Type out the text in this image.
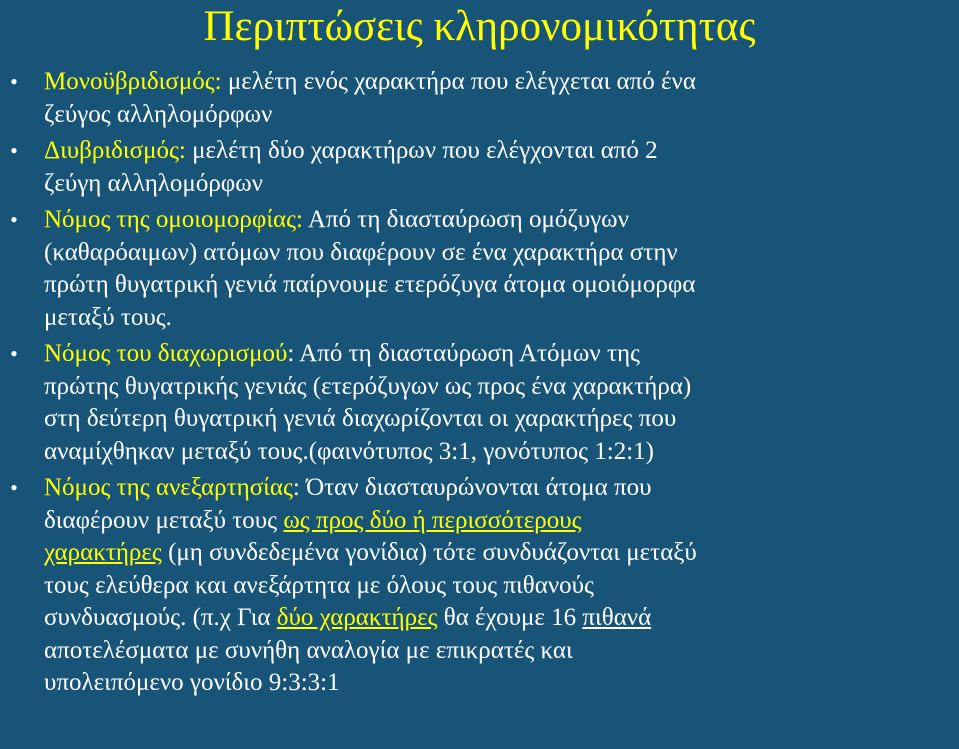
Περιπτώσεις κληρονομικότητας
• Μονοϋβριδισμός: μελέτη ενός χαρακτήρα που ελέγχεται από ένα
ζεύγος αλληλομόρφων
• Διυβριδισμός: μελέτη δύο χαρακτήρων που ελέγχονται από 2
ζεύγη αλληλομόρφων
• Νόμος της ομοιομορφίας: Από τη διασταύρωση ομόζυγων
(καθαρόαιμων) ατόμων που διαφέρουν σε ένα χαρακτήρα στην
πρώτη θυγατρική γενιά παίρνουμε ετερόζυγα άτομα ομοιόμορφα
μεταξύ τους.
• Νόμος του διαχωρισμού: Από τη διασταύρωση Ατόμων της
πρώτης θυγατρικής γενιάς (ετερόζυγων ως προς ένα χαρακτήρα)
στη δεύτερη θυγατρική γενιά διαχωρίζονται οι χαρακτήρες που
αναμίχθηκαν μεταξύ τους.(φαινότυπος 3:1, γονότυπος 1:2:1)
• Νόμος της ανεξαρτησίας: Όταν διασταυρώνονται άτομα που
διαφέρουν μεταξύ τους ως προς δύο ή περισσότερους
χαρακτήρες (μη συνδεδεμένα γονίδια) τότε συνδυάζονται μεταξύ
τους ελεύθερα και ανεξάρτητα με όλους τους πιθανούς
συνδυασμούς. (π.χ Για δύο χαρακτήρες θα έχουμε 16 πιθανά
αποτελέσματα με συνήθη αναλογία με επικρατές και
υπολειπόμενο γονίδιο 9:3:3:1
